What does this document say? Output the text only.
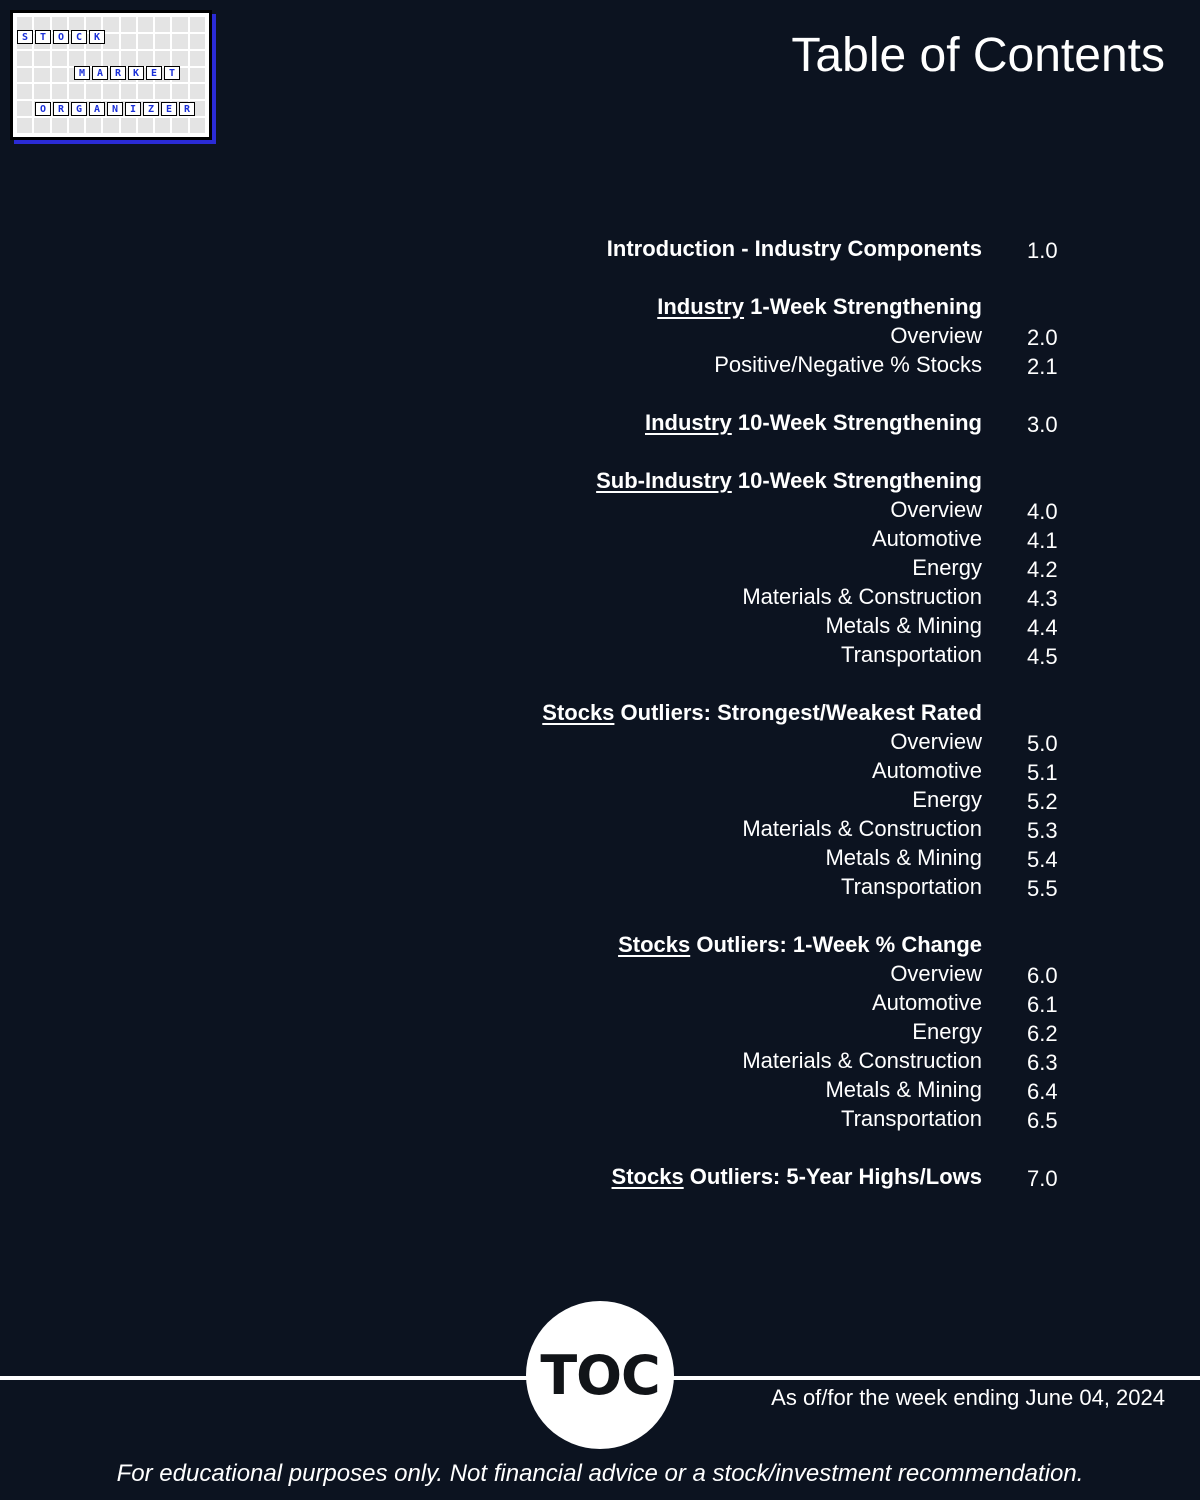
S	T	O	C	K
M	A	R	K	E	T
O	R	G	A	N	I	Z	E	R
Table of Contents
Introduction - Industry Components 1.0
Industry 1-Week Strengthening
Overview 2.0
Positive/Negative % Stocks 2.1
Industry 10-Week Strengthening 3.0
Sub-Industry 10-Week Strengthening
Overview 4.0
Automotive 4.1
Energy 4.2
Materials & Construction 4.3
Metals & Mining 4.4
Transportation 4.5
Stocks Outliers: Strongest/Weakest Rated
Overview 5.0
Automotive 5.1
Energy 5.2
Materials & Construction 5.3
Metals & Mining 5.4
Transportation 5.5
Stocks Outliers: 1-Week % Change
Overview 6.0
Automotive 6.1
Energy 6.2
Materials & Construction 6.3
Metals & Mining 6.4
Transportation 6.5
Stocks Outliers: 5-Year Highs/Lows 7.0
TOC	As of/for the week ending June 04, 2024
For educational purposes only. Not financial advice or a stock/investment recommendation.
